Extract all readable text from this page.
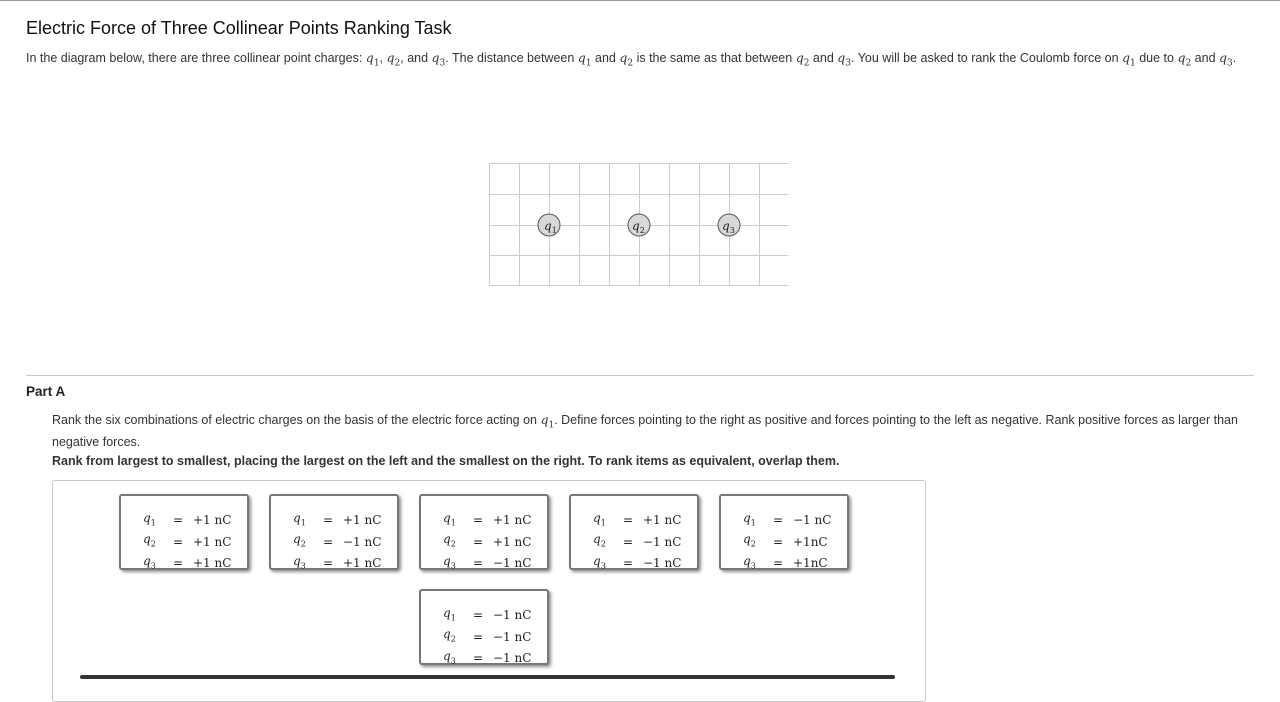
Electric Force of Three Collinear Points Ranking Task
In the diagram below, there are three collinear point charges: $q_1$, $q_2$, and $q_3$. The distance between $q_1$ and $q_2$ is the same as that between $q_2$ and $q_3$. You will be asked to rank the Coulomb force on $q_1$ due to $q_2$ and $q_3$.
$q_1$	$q_2$	$q_3$
Part A
Rank the six combinations of electric charges on the basis of the electric force acting on $q_1$. Define forces pointing to the right as positive and forces pointing to the left as negative. Rank positive forces as larger than negative forces.
Rank from largest to smallest, placing the largest on the left and the smallest on the right. To rank items as equivalent, overlap them.
$q_1$	=	+1 nC
$q_2$	=	+1 nC
$q_3$	=	+1 nC
$q_1$	=	+1 nC
$q_2$	=	−1 nC
$q_3$	=	+1 nC
$q_1$	=	+1 nC
$q_2$	=	+1 nC
$q_3$	=	−1 nC
$q_1$	=	+1 nC
$q_2$	=	−1 nC
$q_3$	=	−1 nC
$q_1$	=	−1 nC
$q_2$	=	+1nC
$q_3$	=	+1nC
$q_1$	=	−1 nC
$q_2$	=	−1 nC
$q_3$	=	−1 nC
